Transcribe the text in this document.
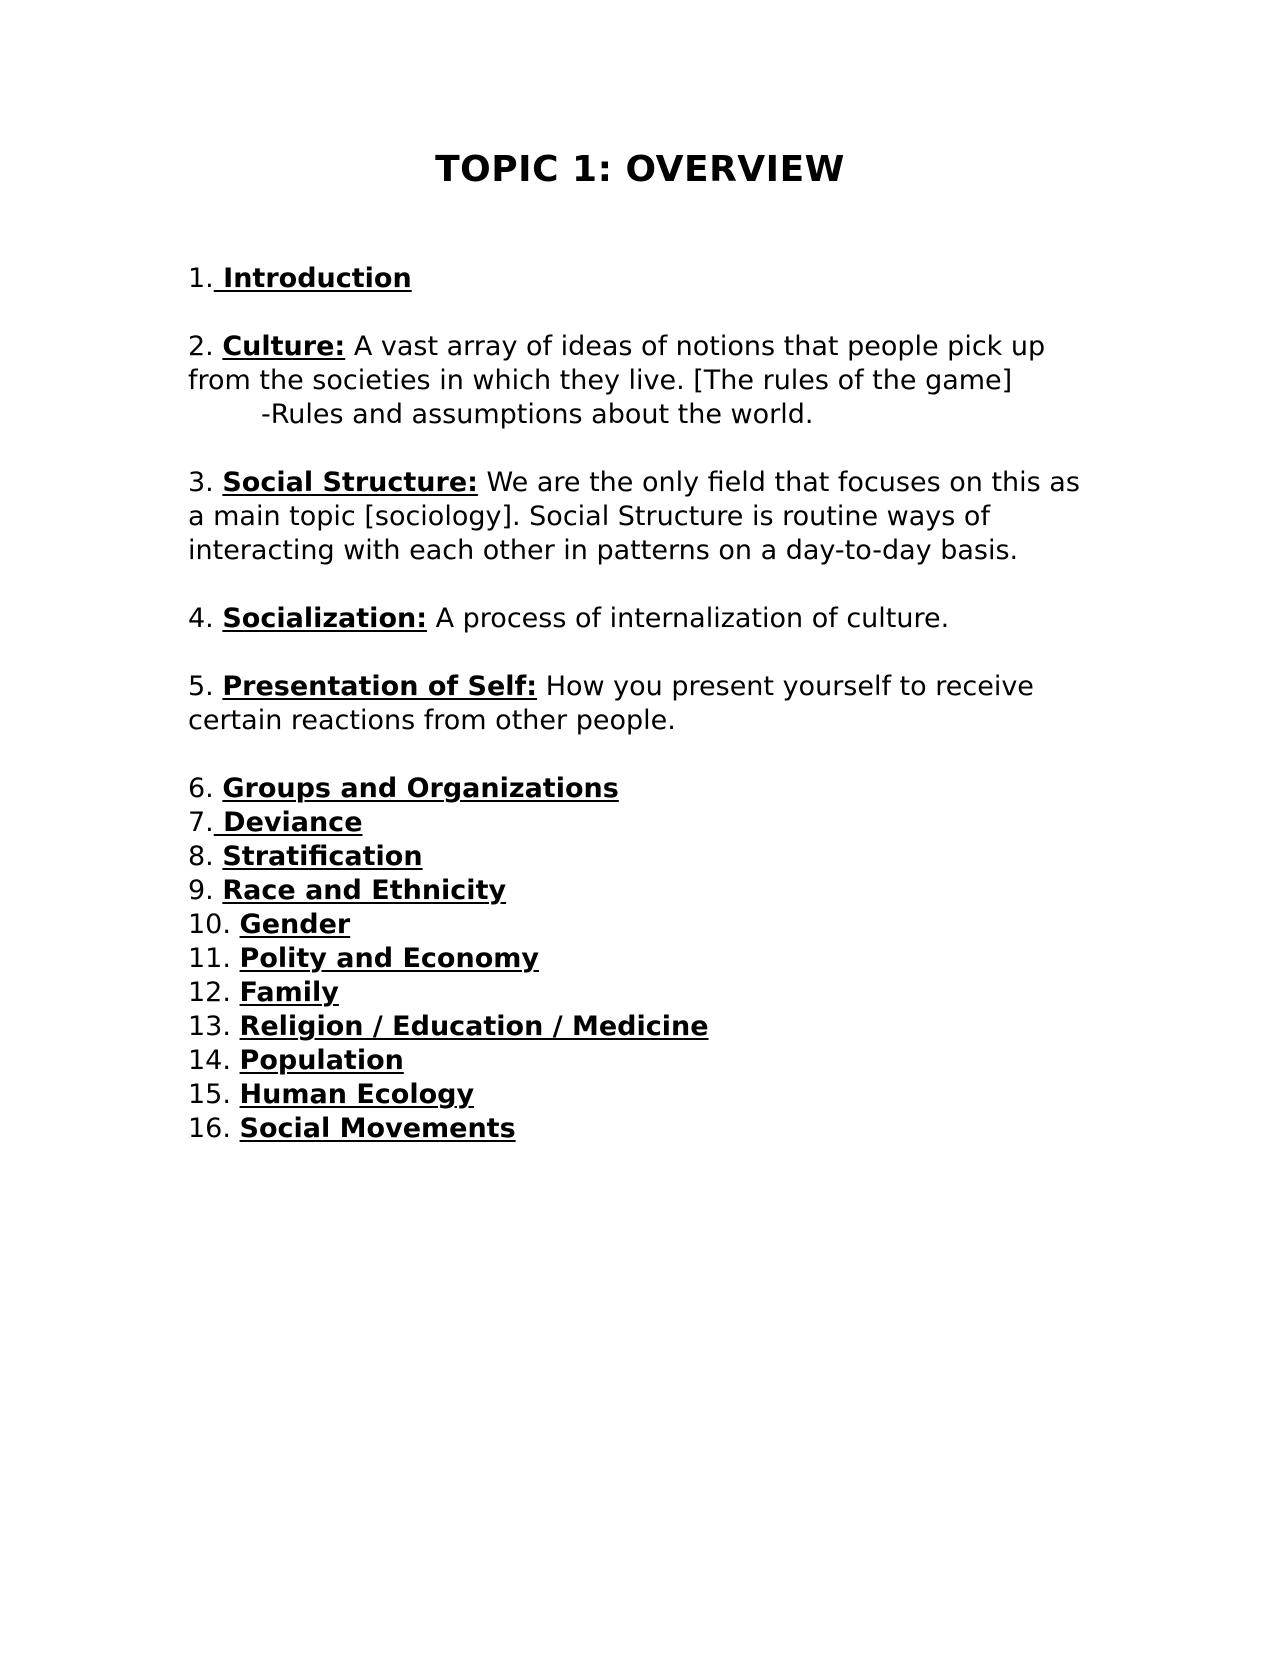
TOPIC 1: OVERVIEW

1. Introduction

2. Culture: A vast array of ideas of notions that people pick up from the societies in which they live. [The rules of the game]
-Rules and assumptions about the world.

3. Social Structure: We are the only field that focuses on this as a main topic [sociology]. Social Structure is routine ways of interacting with each other in patterns on a day-to-day basis.

4. Socialization: A process of internalization of culture.

5. Presentation of Self: How you present yourself to receive certain reactions from other people.

6. Groups and Organizations
7. Deviance
8. Stratification
9. Race and Ethnicity
10. Gender
11. Polity and Economy
12. Family
13. Religion / Education / Medicine
14. Population
15. Human Ecology
16. Social Movements
